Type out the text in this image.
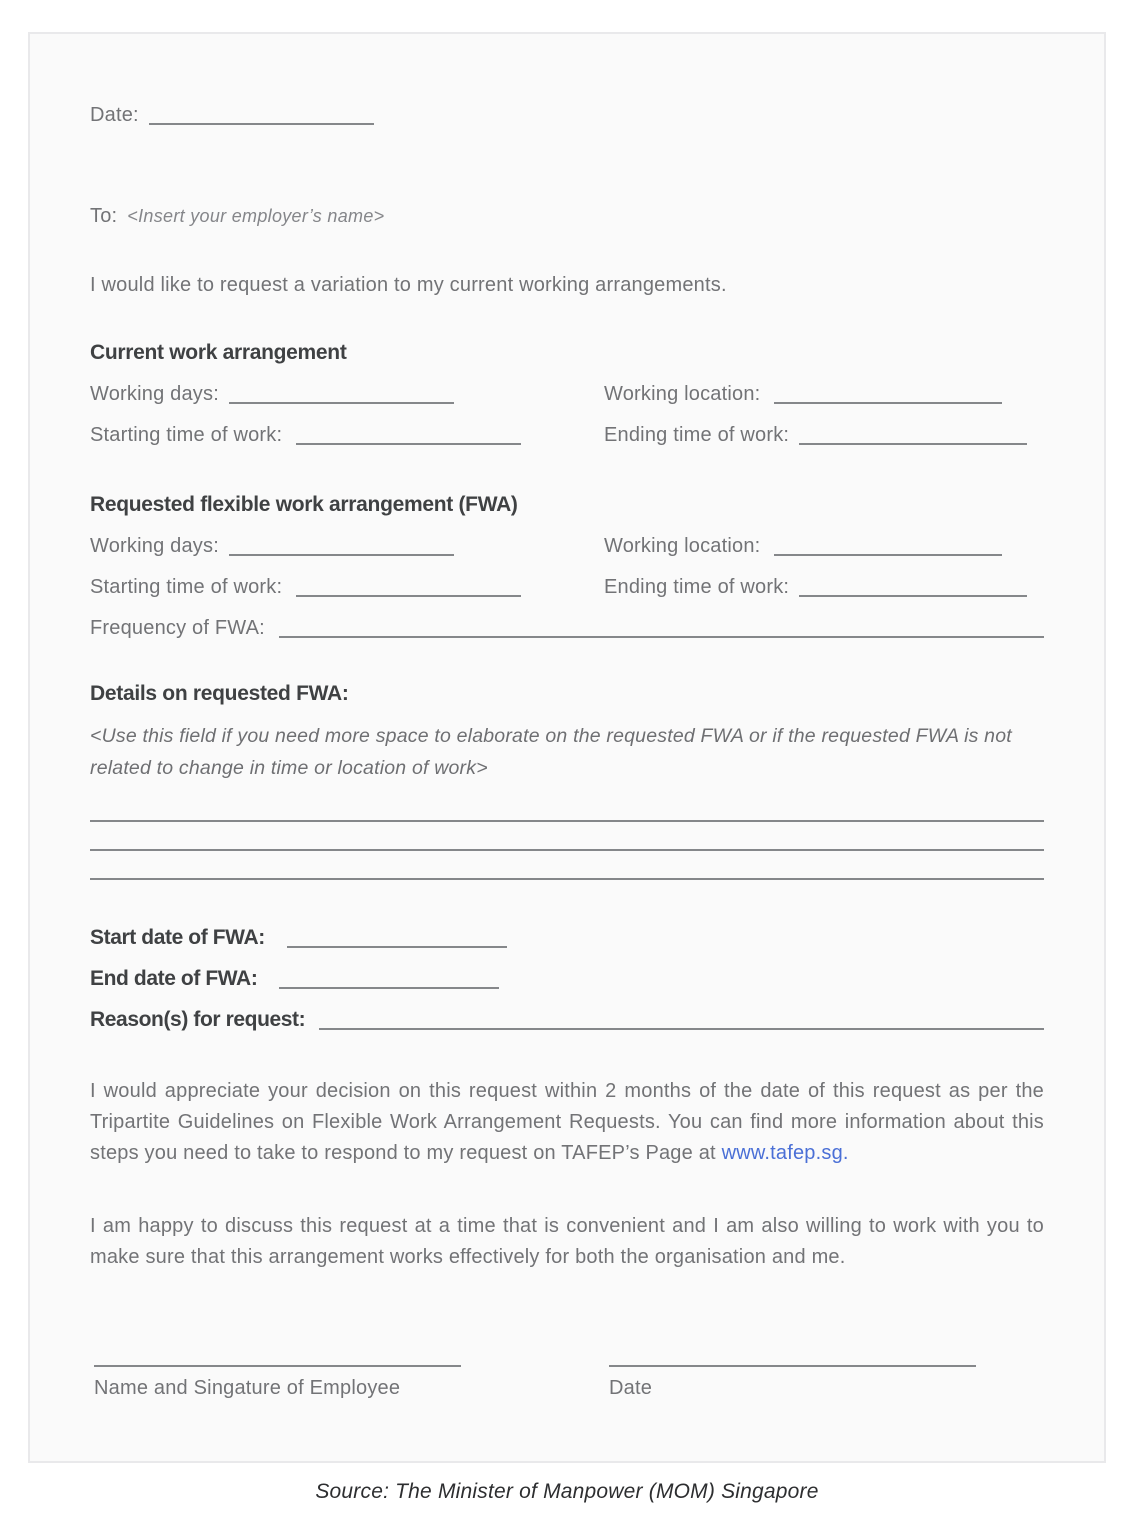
Date:
To: <Insert your employer’s name>

I would like to request a variation to my current working arrangements.

Current work arrangement
Working days:	Working location:
Starting time of work:	Ending time of work:
Requested flexible work arrangement (FWA)
Working days:	Working location:
Starting time of work:	Ending time of work:
Frequency of FWA:
Details on requested FWA:

<Use this field if you need more space to elaborate on the requested FWA or if the requested FWA is not related to change in time or location of work>

Start date of FWA:
End date of FWA:
Reason(s) for request:

I would appreciate your decision on this request within 2 months of the date of this request as per the Tripartite Guidelines on Flexible Work Arrangement Requests. You can find more information about this steps you need to take to respond to my request on TAFEP’s Page at www.tafep.sg.

I am happy to discuss this request at a time that is convenient and I am also willing to work with you to make sure that this arrangement works effectively for both the organisation and me.

Name and Singature of Employee	Date
Source: The Minister of Manpower (MOM) Singapore
